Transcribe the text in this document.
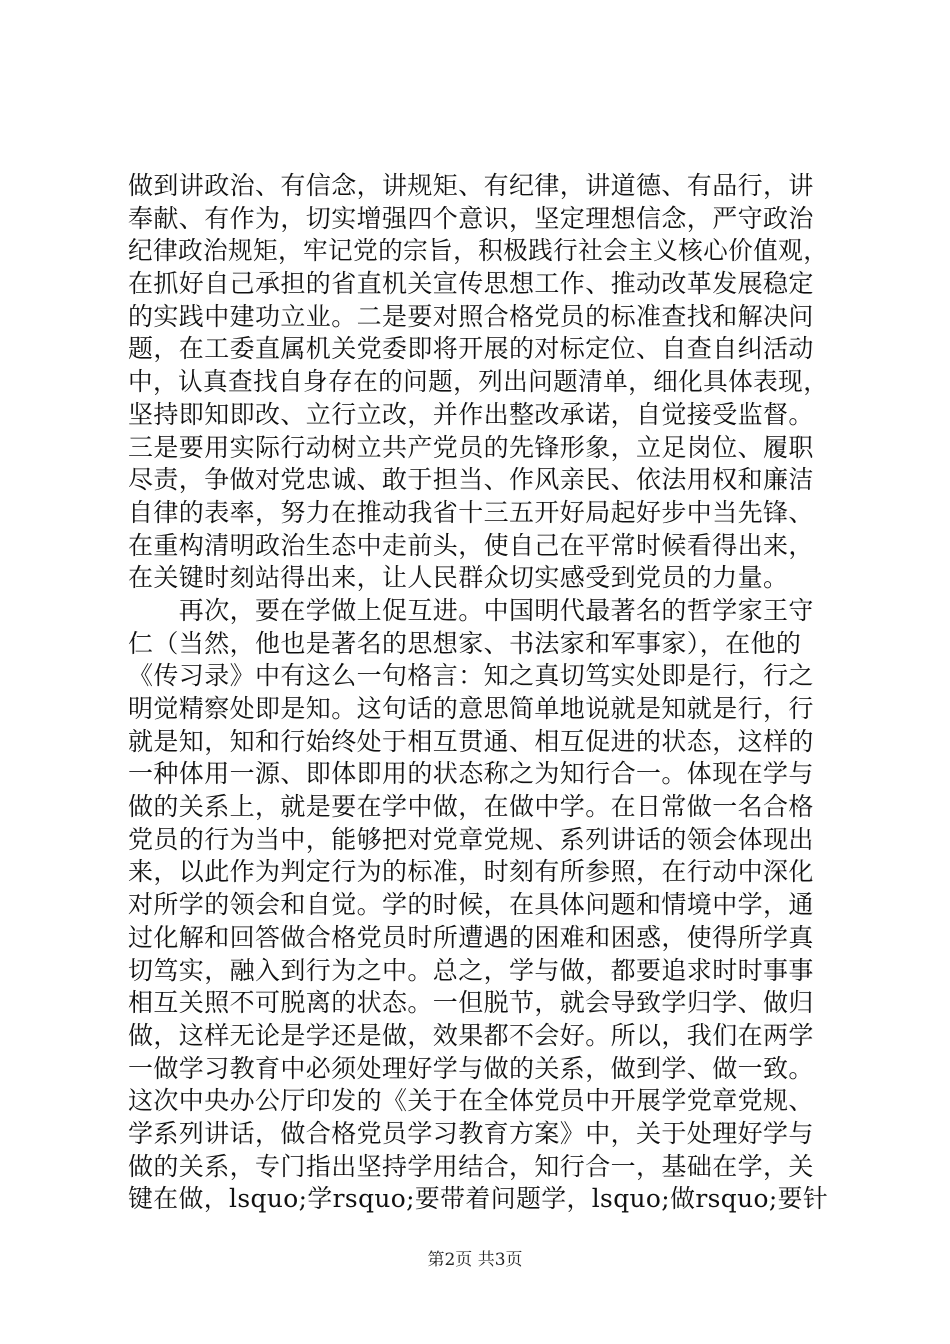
做到讲政治、有信念，讲规矩、有纪律，讲道德、有品行，讲
奉献、有作为，切实增强四个意识，坚定理想信念，严守政治
纪律政治规矩，牢记党的宗旨，积极践行社会主义核心价值观，
在抓好自己承担的省直机关宣传思想工作、推动改革发展稳定
的实践中建功立业。二是要对照合格党员的标准查找和解决问
题，在工委直属机关党委即将开展的对标定位、自查自纠活动
中，认真查找自身存在的问题，列出问题清单，细化具体表现，
坚持即知即改、立行立改，并作出整改承诺，自觉接受监督。
三是要用实际行动树立共产党员的先锋形象，立足岗位、履职
尽责，争做对党忠诚、敢于担当、作风亲民、依法用权和廉洁
自律的表率，努力在推动我省十三五开好局起好步中当先锋、
在重构清明政治生态中走前头，使自己在平常时候看得出来，
在关键时刻站得出来，让人民群众切实感受到党员的力量。
　　再次，要在学做上促互进。中国明代最著名的哲学家王守
仁（当然，他也是著名的思想家、书法家和军事家），在他的
《传习录》中有这么一句格言：知之真切笃实处即是行，行之
明觉精察处即是知。这句话的意思简单地说就是知就是行，行
就是知，知和行始终处于相互贯通、相互促进的状态，这样的
一种体用一源、即体即用的状态称之为知行合一。体现在学与
做的关系上，就是要在学中做，在做中学。在日常做一名合格
党员的行为当中，能够把对党章党规、系列讲话的领会体现出
来，以此作为判定行为的标准，时刻有所参照，在行动中深化
对所学的领会和自觉。学的时候，在具体问题和情境中学，通
过化解和回答做合格党员时所遭遇的困难和困惑，使得所学真
切笃实，融入到行为之中。总之，学与做，都要追求时时事事
相互关照不可脱离的状态。一但脱节，就会导致学归学、做归
做，这样无论是学还是做，效果都不会好。所以，我们在两学
一做学习教育中必须处理好学与做的关系，做到学、做一致。
这次中央办公厅印发的《关于在全体党员中开展学党章党规、
学系列讲话，做合格党员学习教育方案》中，关于处理好学与
做的关系，专门指出坚持学用结合，知行合一，基础在学，关
键在做，lsquo;学rsquo;要带着问题学，lsquo;做rsquo;要针
第2页 共3页
